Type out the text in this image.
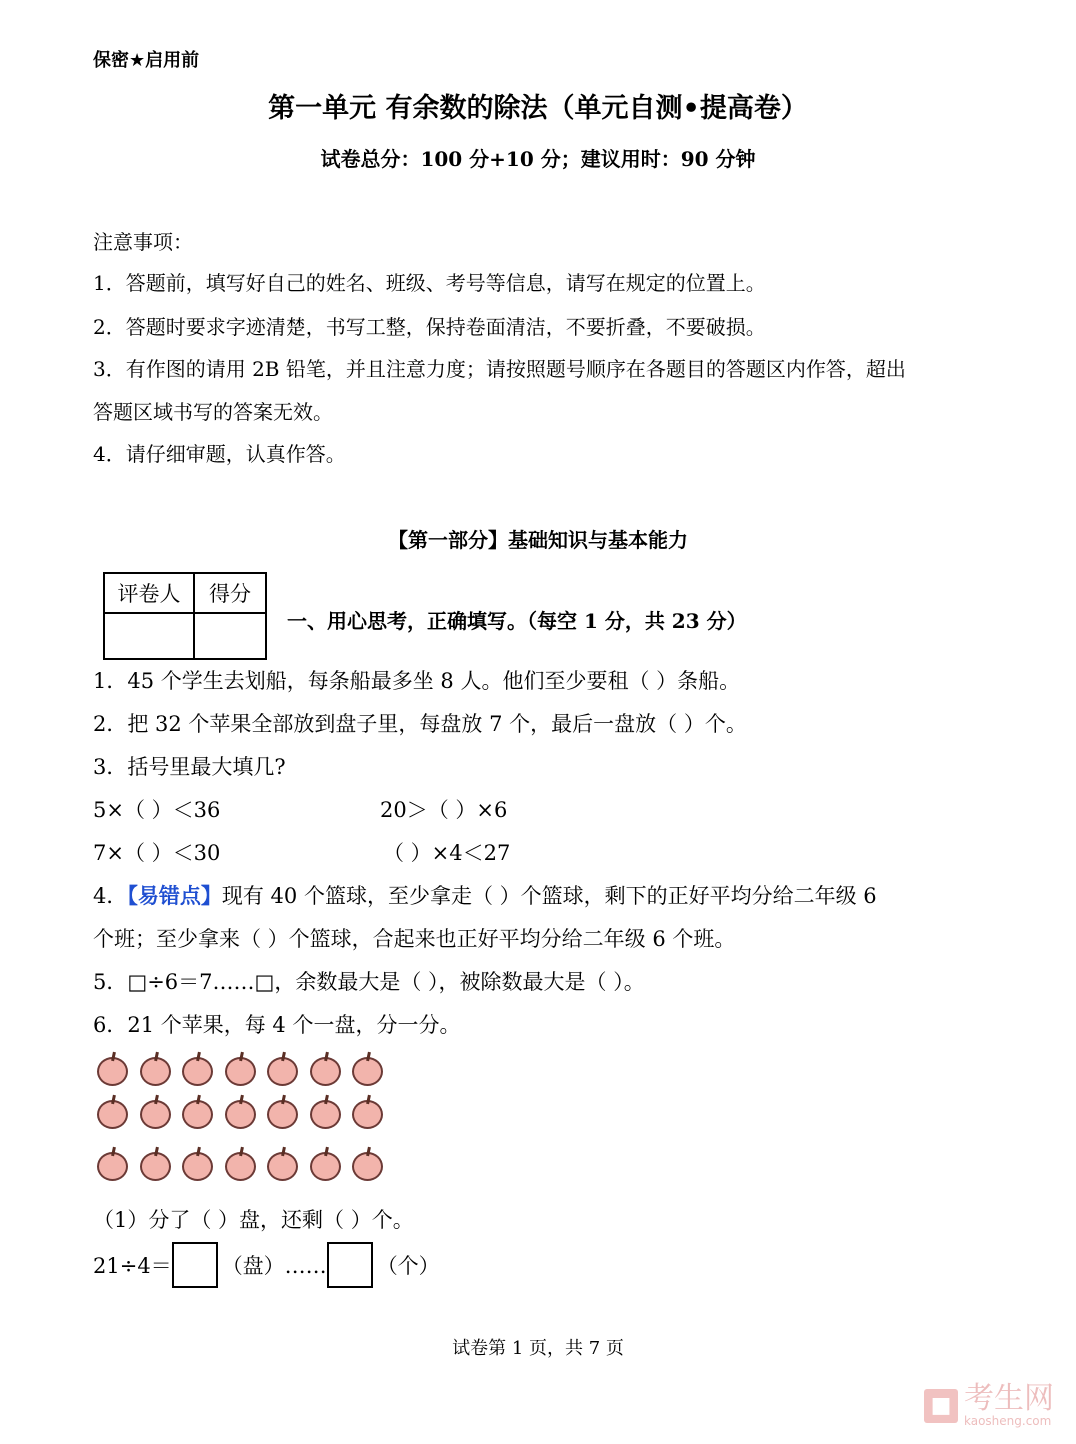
保密★启用前
第一单元 有余数的除法（单元自测•提高卷）
试卷总分：100 分+10 分；建议用时：90 分钟
注意事项：
1．答题前，填写好自己的姓名、班级、考号等信息，请写在规定的位置上。
2．答题时要求字迹清楚，书写工整，保持卷面清洁，不要折叠，不要破损。
3．有作图的请用 2B 铅笔，并且注意力度；请按照题号顺序在各题目的答题区内作答，超出
答题区域书写的答案无效。
4．请仔细审题，认真作答。
【第一部分】基础知识与基本能力
评卷人	得分

一、用心思考，正确填写。（每空 1 分，共 23 分）
1．45 个学生去划船，每条船最多坐 8 人。他们至少要租（ ）条船。
2．把 32 个苹果全部放到盘子里，每盘放 7 个，最后一盘放（ ）个。
3．括号里最大填几?
5×（ ）＜36	20＞（ ）×6
7×（ ）＜30	（ ）×4＜27
4．【易错点】现有 40 个篮球，至少拿走（ ）个篮球，剩下的正好平均分给二年级 6
个班；至少拿来（ ）个篮球，合起来也正好平均分给二年级 6 个班。
5．□÷6＝7……□，余数最大是（ ），被除数最大是（ ）。
6．21 个苹果，每 4 个一盘，分一分。
（1）分了（ ）盘，还剩（ ）个。
21÷4＝ （盘）…… （个）
试卷第 1 页，共 7 页
■ 考生网
kaosheng.com
